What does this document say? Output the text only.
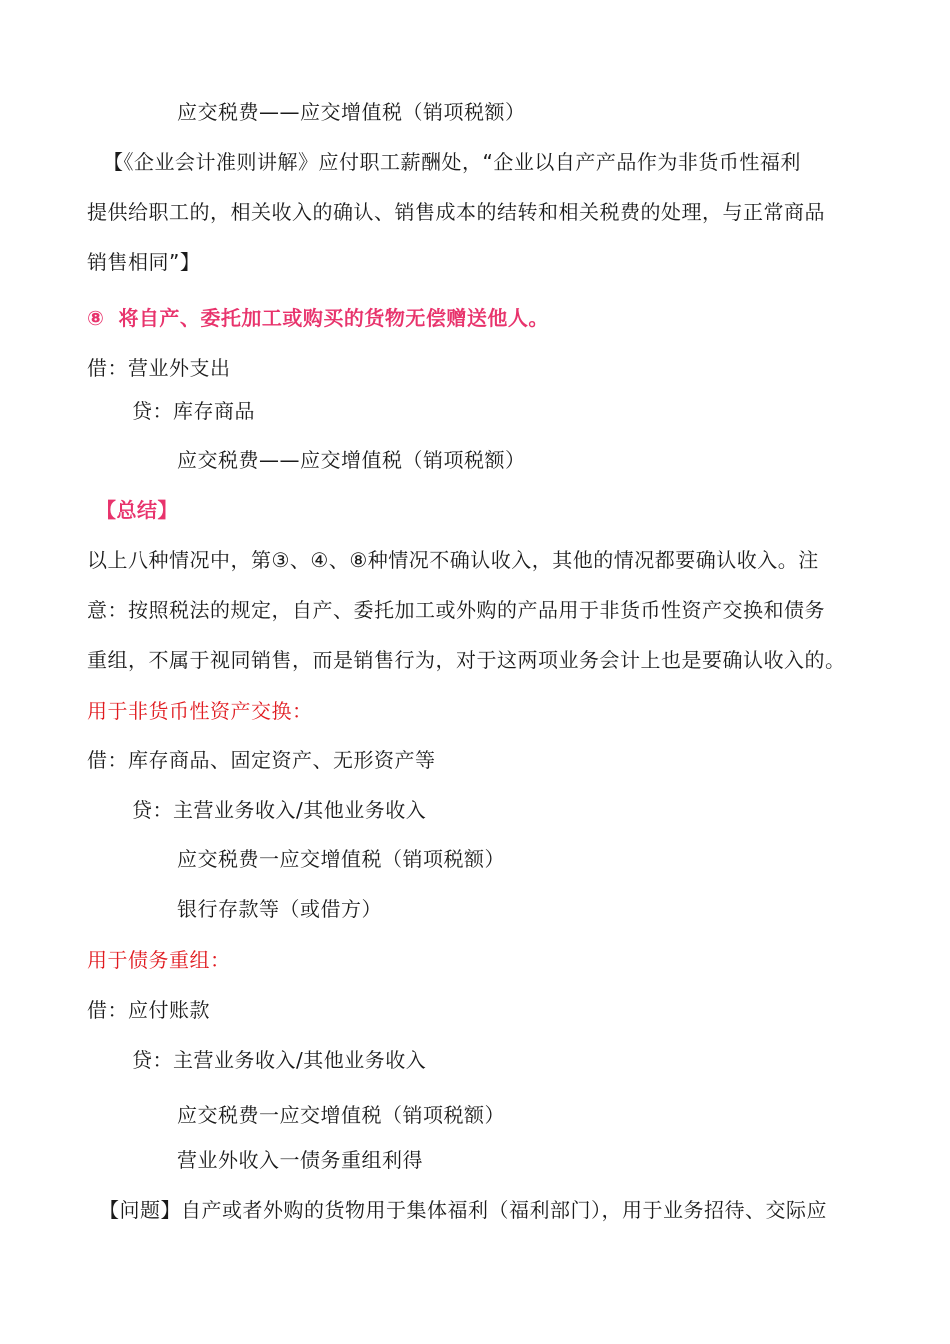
应交税费——应交增值税（销项税额）
【《企业会计准则讲解》应付职工薪酬处，“企业以自产产品作为非货币性福利
提供给职工的，相关收入的确认、销售成本的结转和相关税费的处理，与正常商品
销售相同”】
⑧ 将自产、委托加工或购买的货物无偿赠送他人。
借：营业外支出
贷：库存商品
应交税费——应交增值税（销项税额）
【总结】
以上八种情况中，第③、④、⑧种情况不确认收入，其他的情况都要确认收入。注
意：按照税法的规定，自产、委托加工或外购的产品用于非货币性资产交换和债务
重组，不属于视同销售，而是销售行为，对于这两项业务会计上也是要确认收入的。
用于非货币性资产交换：
借：库存商品、固定资产、无形资产等
贷：主营业务收入/其他业务收入
应交税费一应交增值税（销项税额）
银行存款等（或借方）
用于债务重组：
借：应付账款
贷：主营业务收入/其他业务收入
应交税费一应交增值税（销项税额）
营业外收入一债务重组利得
【问题】自产或者外购的货物用于集体福利（福利部门），用于业务招待、交际应
